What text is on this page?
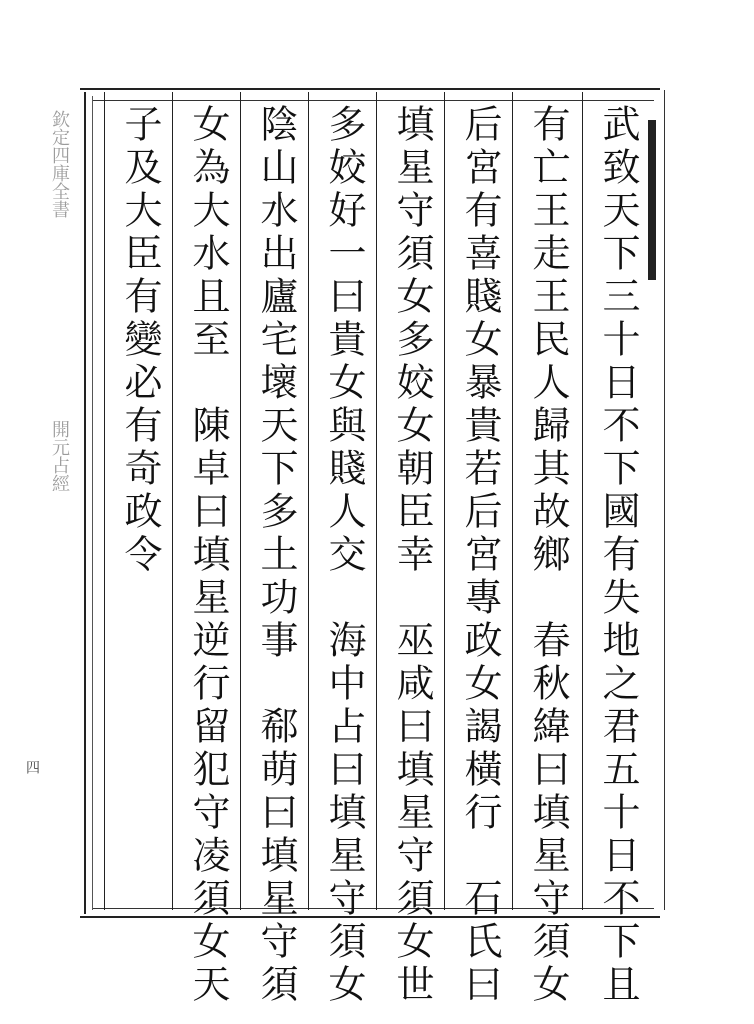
欽定四庫全書
開元占經
四	武致天下三十日不下國有失地之君五十日不下且
有亡王走王民人歸其故鄉　春秋緯曰填星守須女
后宮有喜賤女暴貴若后宮專政女謁橫行　石氏曰
填星守須女多姣女朝臣幸　巫咸曰填星守須女世
多姣好一曰貴女與賤人交　海中占曰填星守須女
陰山水出廬宅壞天下多土功事　郗萌曰填星守須
女為大水且至　陳卓曰填星逆行留犯守凌須女天
子及大臣有變必有奇政令
